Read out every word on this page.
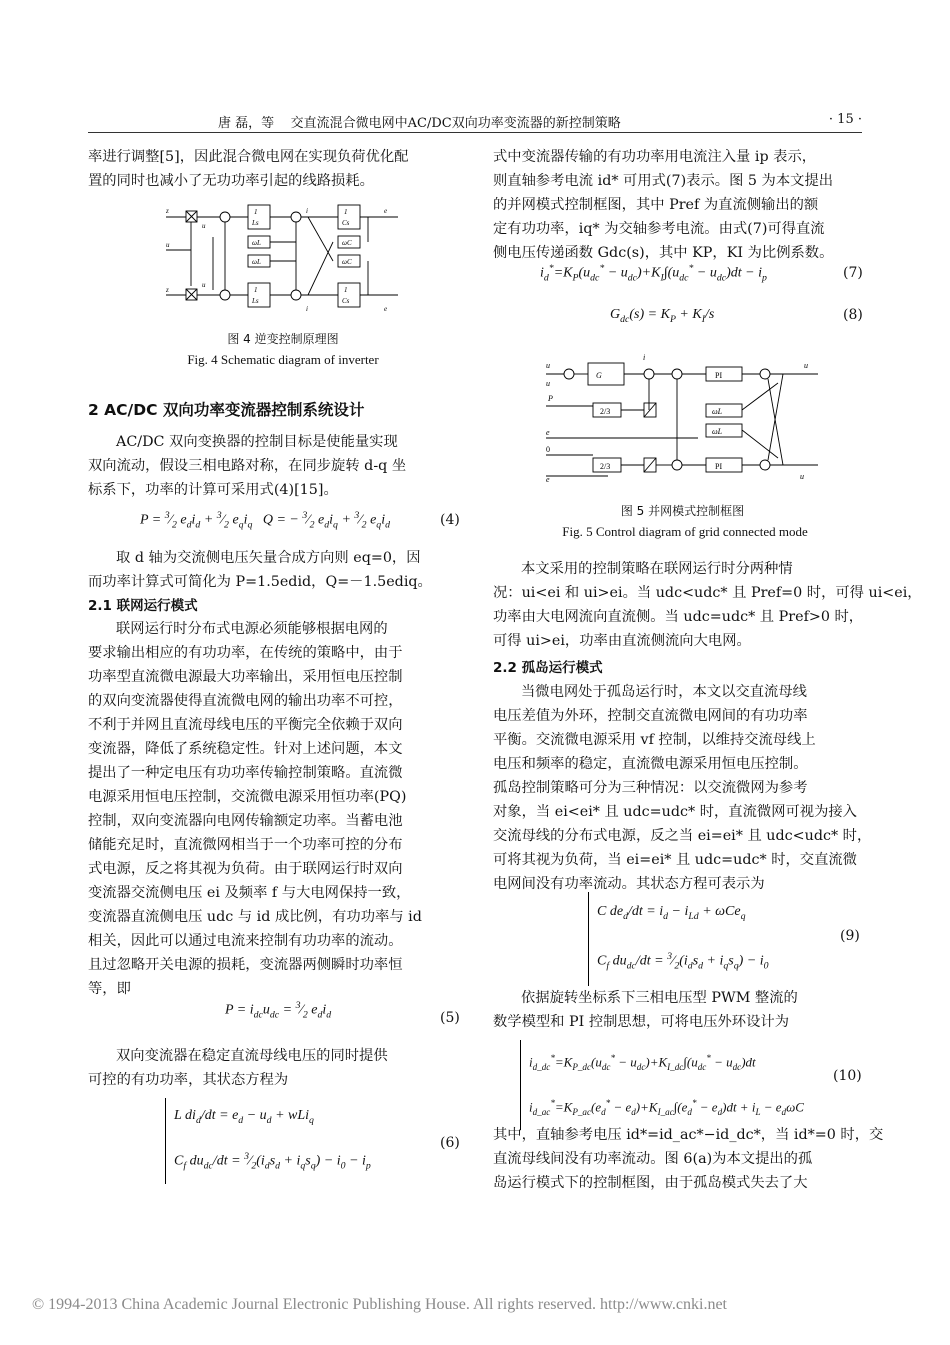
唐 磊，等 交直流混合微电网中AC/DC双向功率变流器的新控制策略	· 15 ·
率进行调整[5]，因此混合微电网在实现负荷优化配
置的同时也减小了无功功率引起的线路损耗。
z
u
z
u
u
i
i
e
e
1
Ls
1
Cs
1
Ls
1
Cs
ωL
ωL
ωC
ωC
图 4 逆变控制原理图
Fig. 4 Schematic diagram of inverter
2 AC/DC 双向功率变流器控制系统设计
AC/DC 双向变换器的控制目标是使能量实现
双向流动，假设三相电路对称，在同步旋转 d-q 坐
标系下，功率的计算可采用式(4)[15]。
$P = ^3⁄_2$ $e_di_d$ + $^3⁄_2$ $e_qi_q$   Q = − $^3⁄_2$ $e_di_q$ + $^3⁄_2$ $e_qi_d$	(4)
取 d 轴为交流侧电压矢量合成方向则 eq=0，因
而功率计算式可简化为 P=1.5edid，Q=－1.5ediq。
2.1 联网运行模式
联网运行时分布式电源必须能够根据电网的
要求输出相应的有功功率，在传统的策略中，由于
功率型直流微电源最大功率输出，采用恒电压控制
的双向变流器使得直流微电网的输出功率不可控，
不利于并网且直流母线电压的平衡完全依赖于双向
变流器，降低了系统稳定性。针对上述问题，本文
提出了一种定电压有功功率传输控制策略。直流微
电源采用恒电压控制，交流微电源采用恒功率(PQ)
控制，双向变流器向电网传输额定功率。当蓄电池
储能充足时，直流微网相当于一个功率可控的分布
式电源，反之将其视为负荷。由于联网运行时双向
变流器交流侧电压 ei 及频率 f 与大电网保持一致，
变流器直流侧电压 udc 与 id 成比例，有功功率与 id
相关，因此可以通过电流来控制有功功率的流动。
且过忽略开关电源的损耗，变流器两侧瞬时功率恒
等，即
$P = i_{dc}u_{dc}$ = $^3⁄_2$ $e_di_d$	(5)
双向变流器在稳定直流母线电压的同时提供
可控的有功功率，其状态方程为
L $di_d/dt = e_d - u_d + wLi_q$
$C_f$ $du_{dc}/dt$ = $^3⁄_2(i_ds_d + i_qs_q) - i_0 - i_p$
(6)
式中变流器传输的有功功率用电流注入量 ip 表示，
则直轴参考电流 id* 可用式(7)表示。图 5 为本文提出
的并网模式控制框图，其中 Pref 为直流侧输出的额
定有功功率，iq* 为交轴参考电流。由式(7)可得直流
侧电压传递函数 Gdc(s)，其中 KP，KI 为比例系数。
$i_d^*=K_P(u_{dc}^* - u_{dc})+K_I\int(u_{dc}^* - u_{dc})dt - i_p$	(7)
$G_{dc}(s) = K_P + K_I/s$	(8)
u
u
G
i
PI
PI
ωL
ωL
P
2/3
2/3
e
0
e
u
u
图 5 并网模式控制框图
Fig. 5 Control diagram of grid connected mode
本文采用的控制策略在联网运行时分两种情
况：ui<ei 和 ui>ei。当 udc<udc* 且 Pref=0 时，可得 ui<ei，
功率由大电网流向直流侧。当 udc=udc* 且 Pref>0 时，
可得 ui>ei，功率由直流侧流向大电网。
2.2 孤岛运行模式
当微电网处于孤岛运行时，本文以交直流母线
电压差值为外环，控制交直流微电网间的有功功率
平衡。交流微电源采用 vf 控制，以维持交流母线上
电压和频率的稳定，直流微电源采用恒电压控制。
孤岛控制策略可分为三种情况：以交流微网为参考
对象，当 ei<ei* 且 udc=udc* 时，直流微网可视为接入
交流母线的分布式电源，反之当 ei=ei* 且 udc<udc* 时，
可将其视为负荷，当 ei=ei* 且 udc=udc* 时，交直流微
电网间没有功率流动。其状态方程可表示为
C $de_d/dt = i_d - i_{Ld} + \omega Ce_q$
$C_f$ $du_{dc}/dt$ = $^3⁄_2(i_ds_d + i_qs_q) - i_0$
(9)
依据旋转坐标系下三相电压型 PWM 整流的
数学模型和 PI 控制思想，可将电压外环设计为
$i_{d\_dc}^*=K_{P\_dc}(u_{dc}^* - u_{dc})+K_{I\_dc}\int(u_{dc}^* - u_{dc})dt$
$i_{d\_ac}^*=K_{P\_ac}(e_d^* - e_d)+K_{I\_ac}\int(e_d^* - e_d)dt + i_L - e_d\omega C$
(10)
其中，直轴参考电压 id*=id_ac*−id_dc*，当 id*=0 时，交
直流母线间没有功率流动。图 6(a)为本文提出的孤
岛运行模式下的控制框图，由于孤岛模式失去了大
© 1994-2013 China Academic Journal Electronic Publishing House. All rights reserved. http://www.cnki.net
